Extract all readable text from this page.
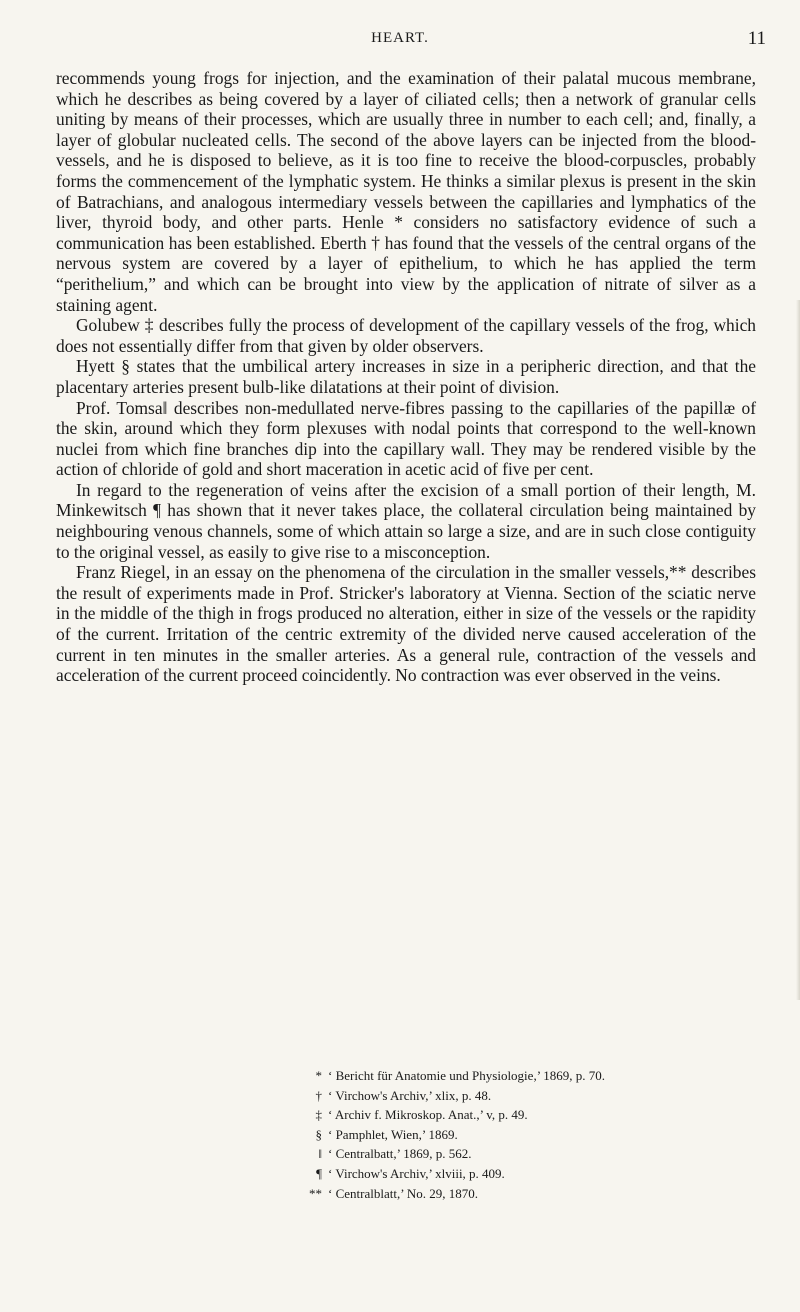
HEART.	11

recommends young frogs for injection, and the examination of their palatal mucous membrane, which he describes as being covered by a layer of ciliated cells; then a network of granular cells uniting by means of their processes, which are usually three in number to each cell; and, finally, a layer of globular nucleated cells. The second of the above layers can be injected from the blood-vessels, and he is disposed to believe, as it is too fine to receive the blood-corpuscles, probably forms the commencement of the lymphatic system. He thinks a similar plexus is present in the skin of Batrachians, and analogous intermediary vessels between the capillaries and lymphatics of the liver, thyroid body, and other parts. Henle * considers no satisfactory evidence of such a communication has been established. Eberth † has found that the vessels of the central organs of the nervous system are covered by a layer of epithelium, to which he has applied the term “perithelium,” and which can be brought into view by the application of nitrate of silver as a staining agent.

Golubew ‡ describes fully the process of development of the capillary vessels of the frog, which does not essentially differ from that given by older observers.

Hyett § states that the umbilical artery increases in size in a peripheric direction, and that the placentary arteries present bulb-like dilatations at their point of division.

Prof. Tomsa‖ describes non-medullated nerve-fibres passing to the capillaries of the papillæ of the skin, around which they form plexuses with nodal points that correspond to the well-known nuclei from which fine branches dip into the capillary wall. They may be rendered visible by the action of chloride of gold and short maceration in acetic acid of five per cent.

In regard to the regeneration of veins after the excision of a small portion of their length, M. Minkewitsch ¶ has shown that it never takes place, the collateral circulation being maintained by neighbouring venous channels, some of which attain so large a size, and are in such close contiguity to the original vessel, as easily to give rise to a misconception.

Franz Riegel, in an essay on the phenomena of the circulation in the smaller vessels,** describes the result of experiments made in Prof. Stricker's laboratory at Vienna. Section of the sciatic nerve in the middle of the thigh in frogs produced no alteration, either in size of the vessels or the rapidity of the current. Irritation of the centric extremity of the divided nerve caused acceleration of the current in ten minutes in the smaller arteries. As a general rule, contraction of the vessels and acceleration of the current proceed coincidently. No contraction was ever observed in the veins.

* ‘ Bericht für Anatomie und Physiologie,’ 1869, p. 70.
† ‘ Virchow's Archiv,’ xlix, p. 48.
‡ ‘ Archiv f. Mikroskop. Anat.,’ v, p. 49.
§ ‘ Pamphlet, Wien,’ 1869.
‖ ‘ Centralbatt,’ 1869, p. 562.
¶ ‘ Virchow's Archiv,’ xlviii, p. 409.
** ‘ Centralblatt,’ No. 29, 1870.
